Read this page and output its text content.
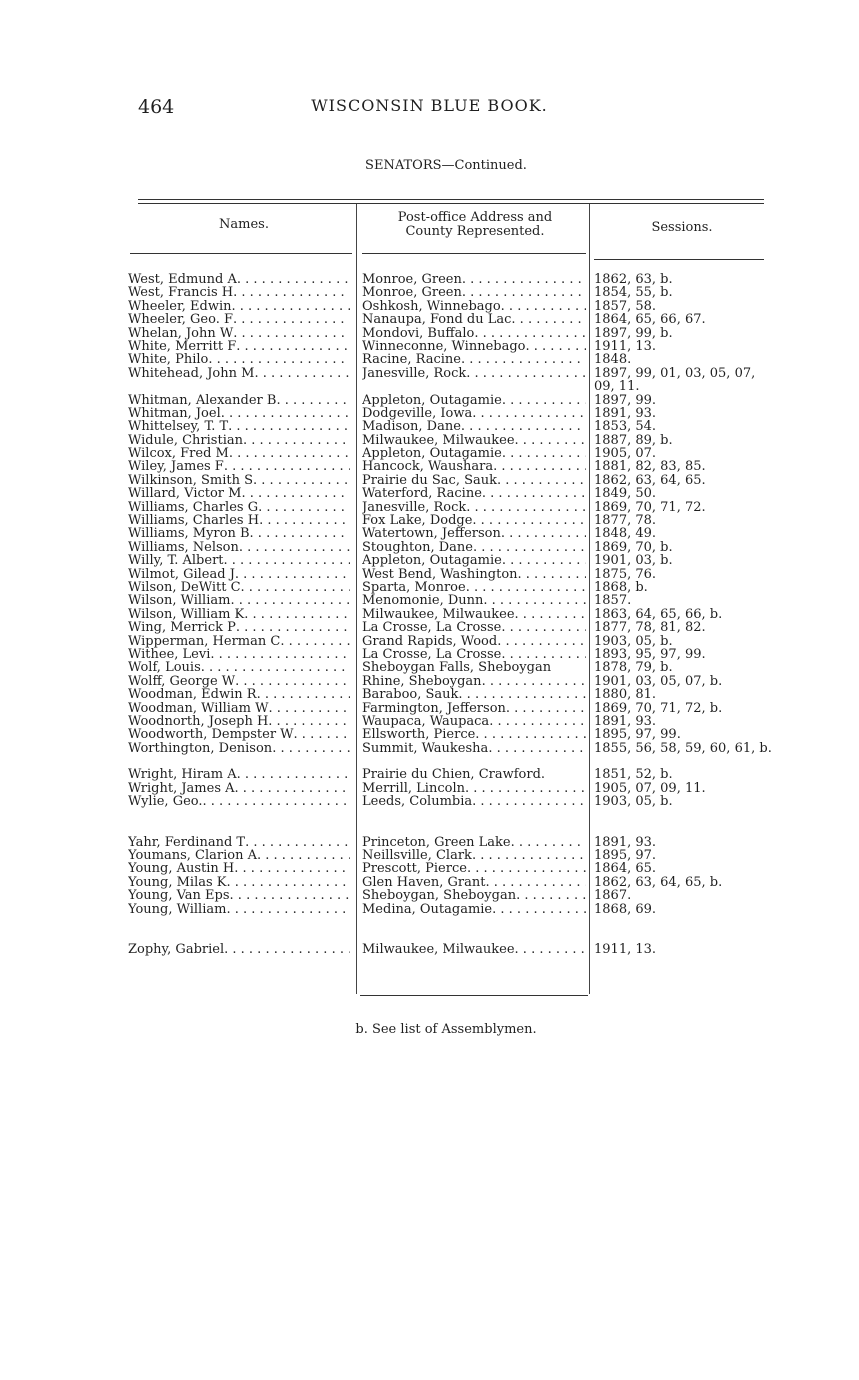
464	WISCONSIN BLUE BOOK.
SENATORS—Continued.
Names.	Post-office Address and
County Represented.	Sessions.
West, Edmund A . . .	Monroe, Green . . .	1862, 63, b.
West, Francis H . . .	Monroe, Green . . .	1854, 55, b.
Wheeler, Edwin . . .	Oshkosh, Winnebago . . .	1857, 58.
Wheeler, Geo. F . . .	Nanaupa, Fond du Lac . . .	1864, 65, 66, 67.
Whelan, John W . . .	Mondovi, Buffalo . . .	1897, 99, b.
White, Merritt F . . .	Winneconne, Winnebago . . .	1911, 13.
White, Philo . . .	Racine, Racine . . .	1848.
Whitehead, John M . . .	Janesville, Rock . . .	1897, 99, 01, 03, 05, 07, 09, 11.
Whitman, Alexander B . . .	Appleton, Outagamie . . .	1897, 99.
Whitman, Joel . . .	Dodgeville, Iowa . . .	1891, 93.
Whittelsey, T. T . . .	Madison, Dane . . .	1853, 54.
Widule, Christian . . .	Milwaukee, Milwaukee . . .	1887, 89, b.
Wilcox, Fred M . . .	Appleton, Outagamie . . .	1905, 07.
Wiley, James F . . .	Hancock, Waushara . . .	1881, 82, 83, 85.
Wilkinson, Smith S . . .	Prairie du Sac, Sauk . . .	1862, 63, 64, 65.
Willard, Victor M . . .	Waterford, Racine . . .	1849, 50.
Williams, Charles G . . .	Janesville, Rock . . .	1869, 70, 71, 72.
Williams, Charles H . . .	Fox Lake, Dodge . . .	1877, 78.
Williams, Myron B . . .	Watertown, Jefferson . . .	1848, 49.
Williams, Nelson . . .	Stoughton, Dane . . .	1869, 70, b.
Willy, T. Albert . . .	Appleton, Outagamie . . .	1901, 03, b.
Wilmot, Gilead J . . .	West Bend, Washington . . .	1875, 76.
Wilson, DeWitt C . . .	Sparta, Monroe . . .	1868, b.
Wilson, William . . .	Menomonie, Dunn . . .	1857.
Wilson, William K . . .	Milwaukee, Milwaukee . . .	1863, 64, 65, 66, b.
Wing, Merrick P . . .	La Crosse, La Crosse . . .	1877, 78, 81, 82.
Wipperman, Herman C . . .	Grand Rapids, Wood . . .	1903, 05, b.
Withee, Levi . . .	La Crosse, La Crosse . . .	1893, 95, 97, 99.
Wolf, Louis . . .	Sheboygan Falls, Sheboygan	1878, 79, b.
Wolff, George W . . .	Rhine, Sheboygan . . .	1901, 03, 05, 07, b.
Woodman, Edwin R . . .	Baraboo, Sauk . . .	1880, 81.
Woodman, William W . . .	Farmington, Jefferson . . .	1869, 70, 71, 72, b.
Woodnorth, Joseph H . . .	Waupaca, Waupaca . . .	1891, 93.
Woodworth, Dempster W . . .	Ellsworth, Pierce . . .	1895, 97, 99.
Worthington, Denison . . .	Summit, Waukesha . . .	1855, 56, 58, 59, 60, 61, b.
Wright, Hiram A . . .	Prairie du Chien, Crawford.	1851, 52, b.
Wright, James A . . .	Merrill, Lincoln . . .	1905, 07, 09, 11.
Wylie, Geo. . . .	Leeds, Columbia . . .	1903, 05, b.
Yahr, Ferdinand T . . .	Princeton, Green Lake . . .	1891, 93.
Youmans, Clarion A . . .	Neillsville, Clark . . .	1895, 97.
Young, Austin H . . .	Prescott, Pierce . . .	1864, 65.
Young, Milas K . . .	Glen Haven, Grant . . .	1862, 63, 64, 65, b.
Young, Van Eps . . .	Sheboygan, Sheboygan . . .	1867.
Young, William . . .	Medina, Outagamie . . .	1868, 69.
Zophy, Gabriel . . .	Milwaukee, Milwaukee . . .	1911, 13.
b. See list of Assemblymen.
